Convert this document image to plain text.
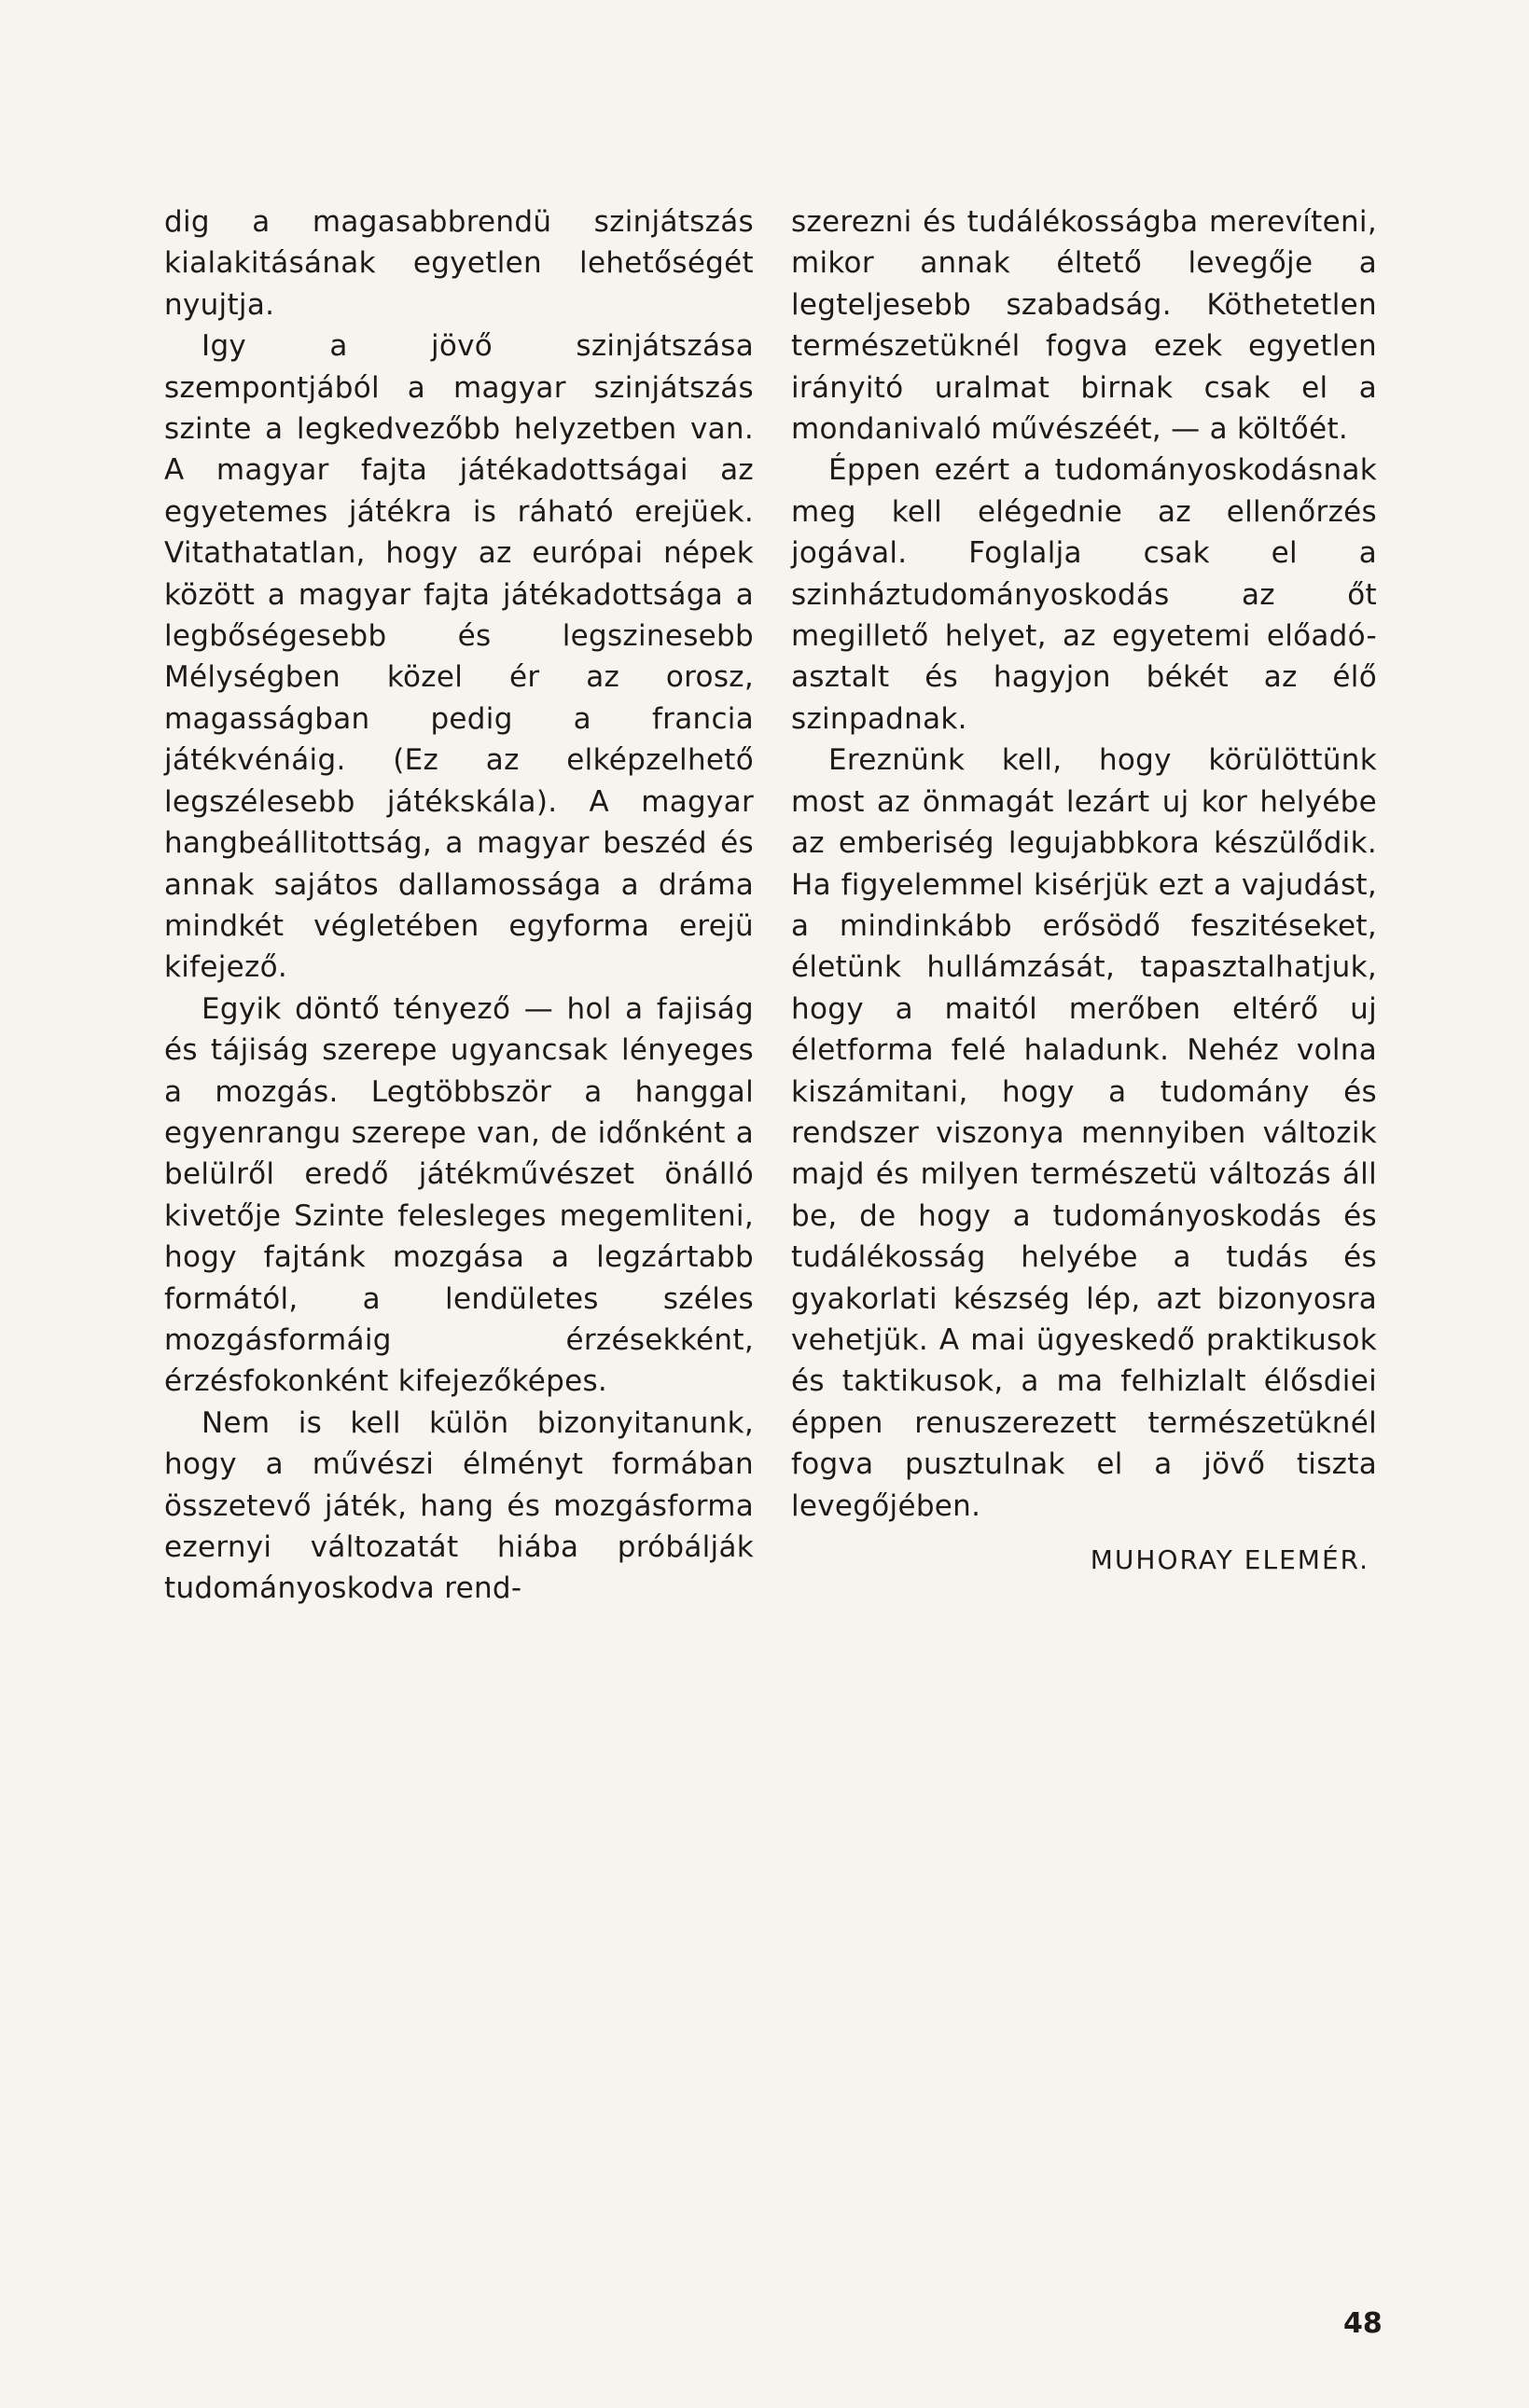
dig a magasabbrendü szinjátszás kialakitásának egyetlen lehetőségét nyujtja.

Igy a jövő szinjátszása szempontjából a magyar szinjátszás szinte a legkedvezőbb helyzetben van. A magyar fajta játékadottságai az egyetemes játékra is ráható erejüek. Vitathatatlan, hogy az európai népek között a magyar fajta játékadottsága a legbőségesebb és legszinesebb Mélységben közel ér az orosz, magasságban pedig a francia játékvénáig. (Ez az elképzelhető legszélesebb játékskála). A magyar hangbeállitottság, a magyar beszéd és annak sajátos dallamossága a dráma mindkét végletében egyforma erejü kifejező.

Egyik döntő tényező — hol a fajiság és tájiság szerepe ugyancsak lényeges a mozgás. Legtöbbször a hanggal egyenrangu szerepe van, de időnként a belülről eredő játékművészet önálló kivetője Szinte felesleges megemliteni, hogy fajtánk mozgása a legzártabb formától, a lendületes széles mozgásformáig érzésekként, érzésfokonként kifejezőképes.

Nem is kell külön bizonyitanunk, hogy a művészi élményt formában összetevő játék, hang és mozgásforma ezernyi változatát hiába próbálják tudományoskodva rend-

szerezni és tudálékosságba merevíteni, mikor annak éltető levegője a legteljesebb szabadság. Köthetetlen természetüknél fogva ezek egyetlen irányitó uralmat birnak csak el a mondanivaló művészéét, — a költőét.

Éppen ezért a tudományoskodásnak meg kell elégednie az ellenőrzés jogával. Foglalja csak el a szinháztudományoskodás az őt megillető helyet, az egyetemi előadó-asztalt és hagyjon békét az élő szinpadnak.

Ereznünk kell, hogy körülöttünk most az önmagát lezárt uj kor helyébe az emberiség legujabbkora készülődik. Ha figyelemmel kisérjük ezt a vajudást, a mindinkább erősödő feszitéseket, életünk hullámzását, tapasztalhatjuk, hogy a maitól merőben eltérő uj életforma felé haladunk. Nehéz volna kiszámitani, hogy a tudomány és rendszer viszonya mennyiben változik majd és milyen természetü változás áll be, de hogy a tudományoskodás és tudálékosság helyébe a tudás és gyakorlati készség lép, azt bizonyosra vehetjük. A mai ügyeskedő praktikusok és taktikusok, a ma felhizlalt élősdiei éppen renuszerezett természetüknél fogva pusztulnak el a jövő tiszta levegőjében.

MUHORAY ELEMÉR.
48
